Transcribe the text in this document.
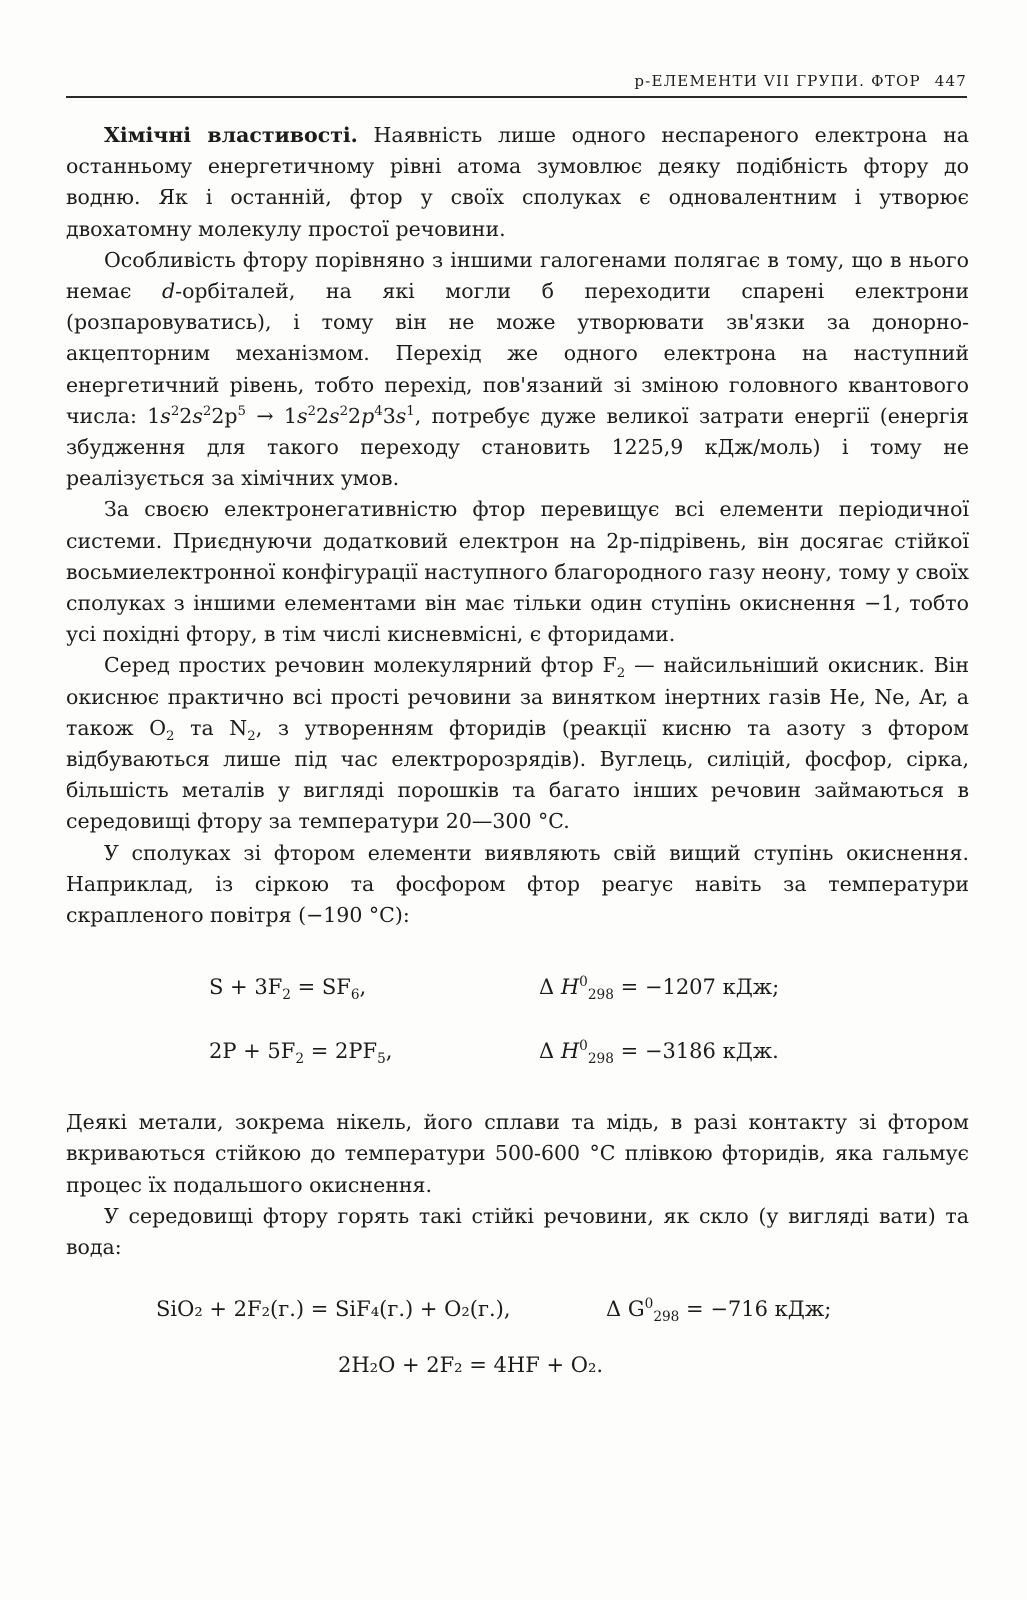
р-ЕЛЕМЕНТИ VII ГРУПИ. ФТОР 447

Хімічні властивості. Наявність лише одного неспареного електрона на останньому енергетичному рівні атома зумовлює деяку подібність фтору до водню. Як і останній, фтор у своїх сполуках є одновалентним і утворює двохатомну молекулу простої речовини.

Особливість фтору порівняно з іншими галогенами полягає в тому, що в нього немає d-орбіталей, на які могли б переходити спарені електрони (розпаровуватись), і тому він не може утворювати зв'язки за донорно-акцепторним механізмом. Перехід же одного електрона на наступний енергетичний рівень, тобто перехід, пов'язаний зі зміною головного квантового числа: $1s^22s^22p^5 \to 1s^22s^22p^43s^1$, потребує дуже великої затрати енергії (енергія збудження для такого переходу становить 1225,9 кДж/моль) і тому не реалізується за хімічних умов.

За своєю електронегативністю фтор перевищує всі елементи періодичної системи. Приєднуючи додатковий електрон на 2p-підрівень, він досягає стійкої восьмиелектронної конфігурації наступного благородного газу неону, тому у своїх сполуках з іншими елементами він має тільки один ступінь окиснення −1, тобто усі похідні фтору, в тім числі кисневмісні, є фторидами.

Серед простих речовин молекулярний фтор $F_2$ — найсильніший окисник. Він окиснює практично всі прості речовини за винятком інертних газів He, Ne, Ar, а також $O_2$ та $N_2$, з утворенням фторидів (реакції кисню та азоту з фтором відбуваються лише під час електророзрядів). Вуглець, силіцій, фосфор, сірка, більшість металів у вигляді порошків та багато інших речовин займаються в середовищі фтору за температури 20—300 °C.

У сполуках зі фтором елементи виявляють свій вищий ступінь окиснення. Наприклад, із сіркою та фосфором фтор реагує навіть за температури скрапленого повітря (−190 °C):

$S + 3F_2 = SF_6$,	Δ $H^0_{298} = -1207$ кДж;
$2P + 5F_2 = 2PF_5$,	Δ $H^0_{298} = -3186$ кДж.

Деякі метали, зокрема нікель, його сплави та мідь, в разі контакту зі фтором вкриваються стійкою до температури 500-600 °C плівкою фторидів, яка гальмує процес їх подальшого окиснення.

У середовищі фтору горять такі стійкі речовини, як скло (у вигляді вати) та вода:

SiO₂ + 2F₂(г.) = SiF₄(г.) + O₂(г.),	Δ $G^0_{298} = -716$ кДж;
2H₂O + 2F₂ = 4HF + O₂.
